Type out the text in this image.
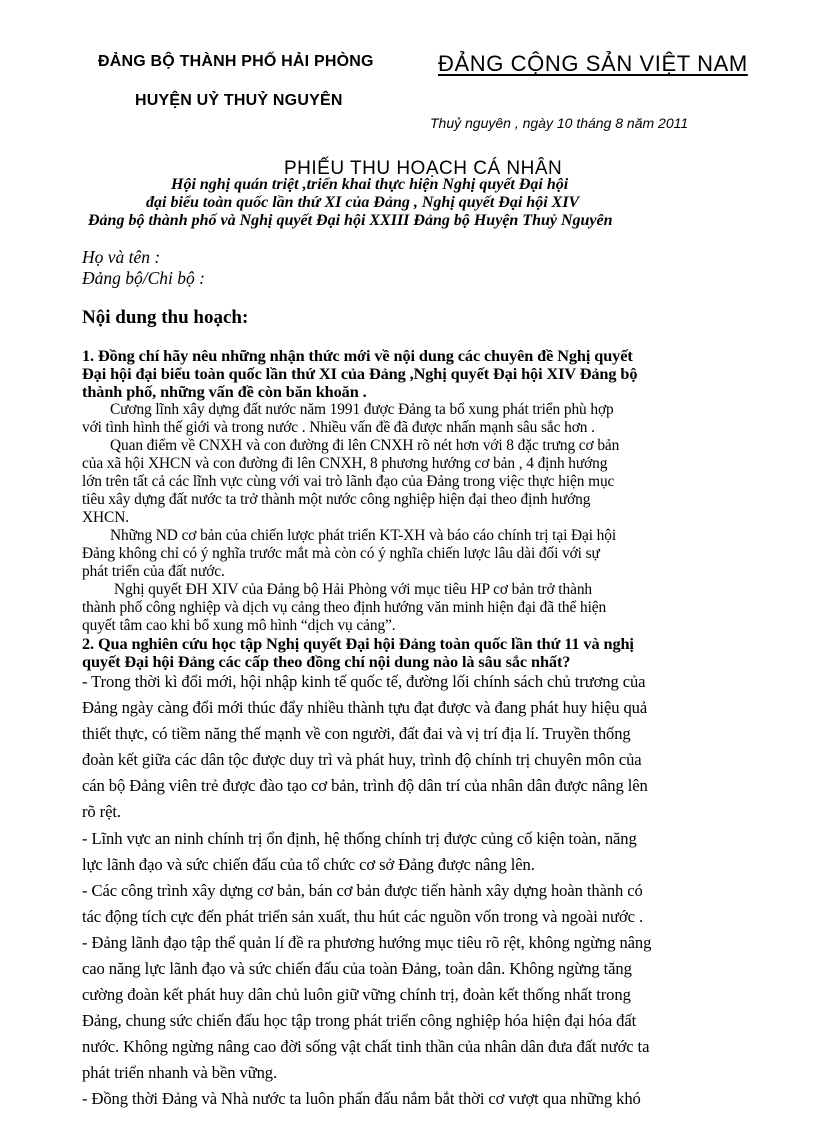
ĐẢNG BỘ THÀNH PHỐ HẢI PHÒNG
HUYỆN UỶ THUỶ NGUYÊN
ĐẢNG CỘNG SẢN VIỆT NAM
Thuỷ nguyên , ngày 10 tháng 8 năm 2011
PHIẾU THU HOẠCH CÁ NHÂN
Hội nghị quán triệt ,triển khai thực hiện Nghị quyết Đại hội
đại biểu toàn quốc lần thứ XI của Đảng , Nghị quyết Đại hội XIV
Đảng bộ thành phố và Nghị quyết Đại hội XXIII Đảng bộ Huyện Thuỷ Nguyên
Họ và tên :
Đảng bộ/Chi bộ :
Nội dung thu hoạch:
1. Đồng chí hãy nêu những nhận thức mới về nội dung các chuyên đề Nghị quyết
Đại hội đại biểu toàn quốc lần thứ XI của Đảng ,Nghị quyết Đại hội XIV Đảng bộ
thành phố, những vấn đề còn băn khoăn .
Cương lĩnh xây dựng đất nước năm 1991 được Đảng ta bổ xung phát triển phù hợp
với tình hình thế giới và trong nước . Nhiều vấn đề đã được nhấn mạnh sâu sắc hơn .
Quan điểm về CNXH và con đường đi lên CNXH rõ nét hơn với 8 đặc trưng cơ bản
của xã hội XHCN và con đường đi lên CNXH, 8 phương hướng cơ bản , 4 định hướng
lớn trên tất cả các lĩnh vực cùng với vai trò lãnh đạo của Đảng trong việc thực hiện mục
tiêu xây dựng đất nước ta trở thành một nước công nghiệp hiện đại theo định hướng
XHCN.
Những ND cơ bản của chiến lược phát triển KT-XH và báo cáo chính trị tại Đại hội
Đảng không chỉ có ý nghĩa trước mắt mà còn có ý nghĩa chiến lược lâu dài đối với sự
phát triển của đất nước.
Nghị quyết ĐH XIV của Đảng bộ Hải Phòng với mục tiêu HP cơ bản trở thành
thành phố công nghiệp và dịch vụ cảng theo định hướng văn minh hiện đại đã thể hiện
quyết tâm cao khi bổ xung mô hình “dịch vụ cảng”.
2. Qua nghiên cứu học tập Nghị quyết Đại hội Đảng toàn quốc lần thứ 11 và nghị
quyết Đại hội Đảng các cấp theo đồng chí nội dung nào là sâu sắc nhất?
- Trong thời kì đổi mới, hội nhập kinh tế quốc tế, đường lối chính sách chủ trương của
Đảng ngày càng đổi mới thúc đẩy nhiều thành tựu đạt được và đang phát huy hiệu quả
thiết thực, có tiềm năng thế mạnh về con người, đất đai và vị trí địa lí. Truyền thống
đoàn kết giữa các dân tộc được duy trì và phát huy, trình độ chính trị chuyên môn của
cán bộ Đảng viên trẻ được đào tạo cơ bản, trình độ dân trí của nhân dân được nâng lên
rõ rệt.
- Lĩnh vực an ninh chính trị ổn định, hệ thống chính trị được củng cố kiện toàn, năng
lực lãnh đạo và sức chiến đấu của tổ chức cơ sở Đảng được nâng lên.
- Các công trình xây dựng cơ bản, bán cơ bản được tiến hành xây dựng hoàn thành có
tác động tích cực đến phát triển sản xuất, thu hút các nguồn vốn trong và ngoài nước .
- Đảng lãnh đạo tập thể quản lí đề ra phương hướng mục tiêu rõ rệt, không ngừng nâng
cao năng lực lãnh đạo và sức chiến đấu của toàn Đảng, toàn dân. Không ngừng tăng
cường đoàn kết phát huy dân chủ luôn giữ vững chính trị, đoàn kết thống nhất trong
Đảng, chung sức chiến đấu học tập trong phát triển công nghiệp hóa hiện đại hóa đất
nước. Không ngừng nâng cao đời sống vật chất tinh thần của nhân dân đưa đất nước ta
phát triển nhanh và bền vững.
- Đồng thời Đảng và Nhà nước ta luôn phấn đấu nắm bắt thời cơ vượt qua những khó
